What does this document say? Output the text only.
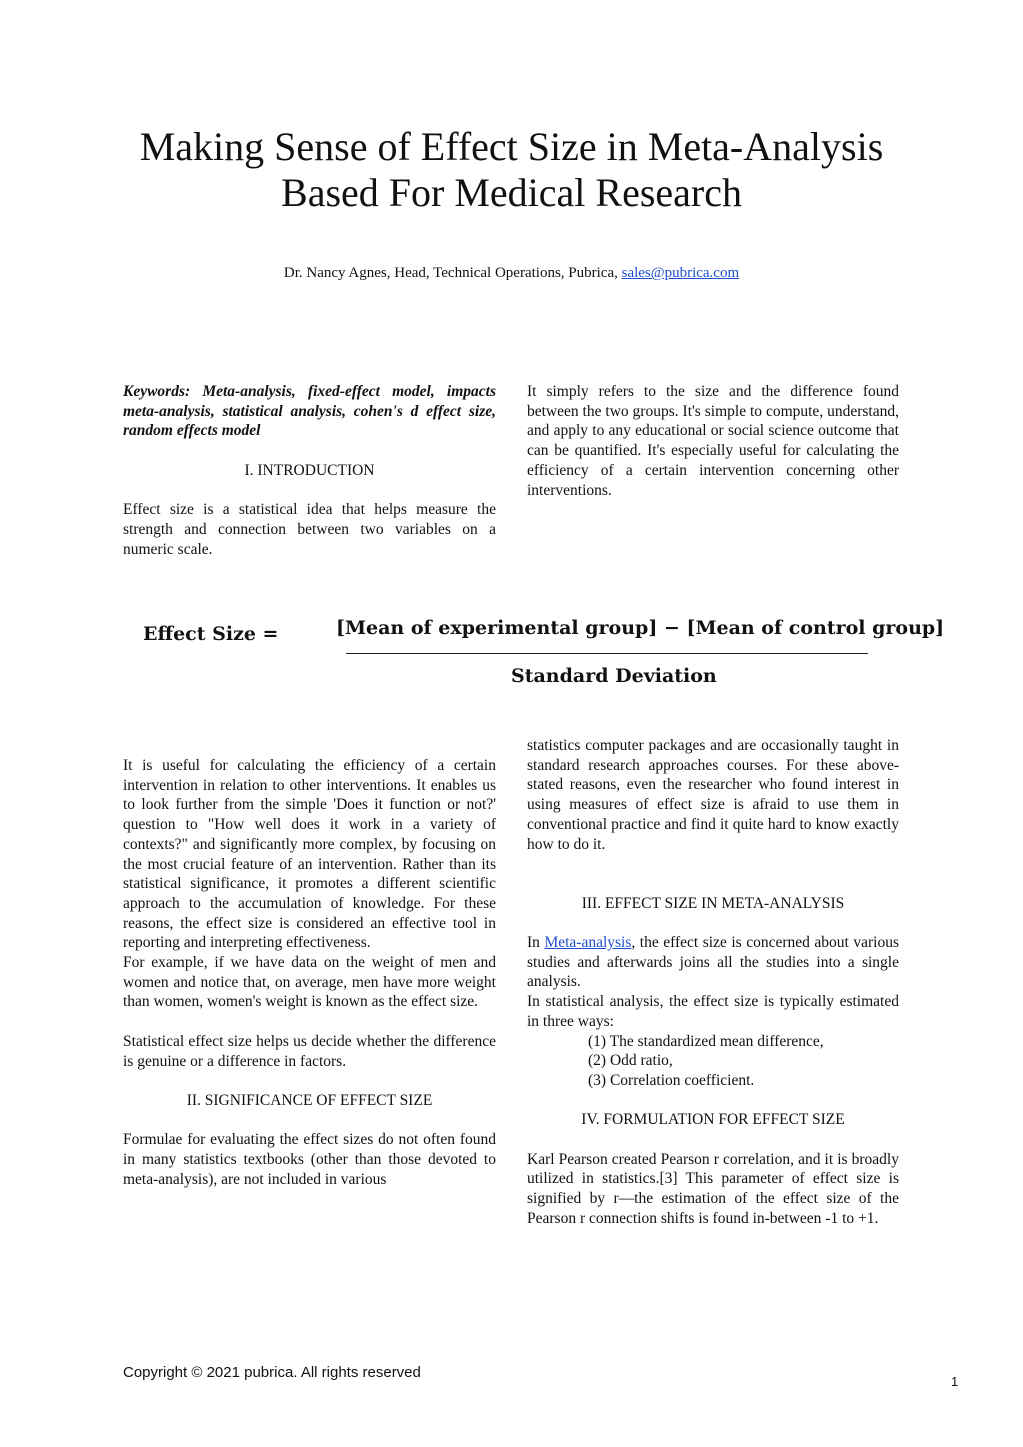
Making Sense of Effect Size in Meta-Analysis
Based For Medical Research
Dr. Nancy Agnes, Head, Technical Operations, Pubrica, sales@pubrica.com

Keywords: Meta-analysis, fixed-effect model, impacts meta-analysis, statistical analysis, cohen's d effect size, random effects model

I. INTRODUCTION

Effect size is a statistical idea that helps measure the strength and connection between two variables on a numeric scale.

It simply refers to the size and the difference found between the two groups. It's simple to compute, understand, and apply to any educational or social science outcome that can be quantified. It's especially useful for calculating the efficiency of a certain intervention concerning other interventions.

Effect Size =	[Mean of experimental group] − [Mean of control group]
Standard Deviation

It is useful for calculating the efficiency of a certain intervention in relation to other interventions. It enables us to look further from the simple 'Does it function or not?' question to "How well does it work in a variety of contexts?" and significantly more complex, by focusing on the most crucial feature of an intervention. Rather than its statistical significance, it promotes a different scientific approach to the accumulation of knowledge. For these reasons, the effect size is considered an effective tool in reporting and interpreting effectiveness.

For example, if we have data on the weight of men and women and notice that, on average, men have more weight than women, women's weight is known as the effect size.

Statistical effect size helps us decide whether the difference is genuine or a difference in factors.

II. SIGNIFICANCE OF EFFECT SIZE

Formulae for evaluating the effect sizes do not often found in many statistics textbooks (other than those devoted to meta-analysis), are not included in various

statistics computer packages and are occasionally taught in standard research approaches courses. For these above-stated reasons, even the researcher who found interest in using measures of effect size is afraid to use them in conventional practice and find it quite hard to know exactly how to do it.

III. EFFECT SIZE IN META-ANALYSIS

In Meta-analysis, the effect size is concerned about various studies and afterwards joins all the studies into a single analysis.

In statistical analysis, the effect size is typically estimated in three ways:

(1) The standardized mean difference,

(2) Odd ratio,

(3) Correlation coefficient.

IV. FORMULATION FOR EFFECT SIZE

Karl Pearson created Pearson r correlation, and it is broadly utilized in statistics.[3] This parameter of effect size is signified by r—the estimation of the effect size of the Pearson r connection shifts is found in-between -1 to +1.

Copyright © 2021 pubrica. All rights reserved
1
